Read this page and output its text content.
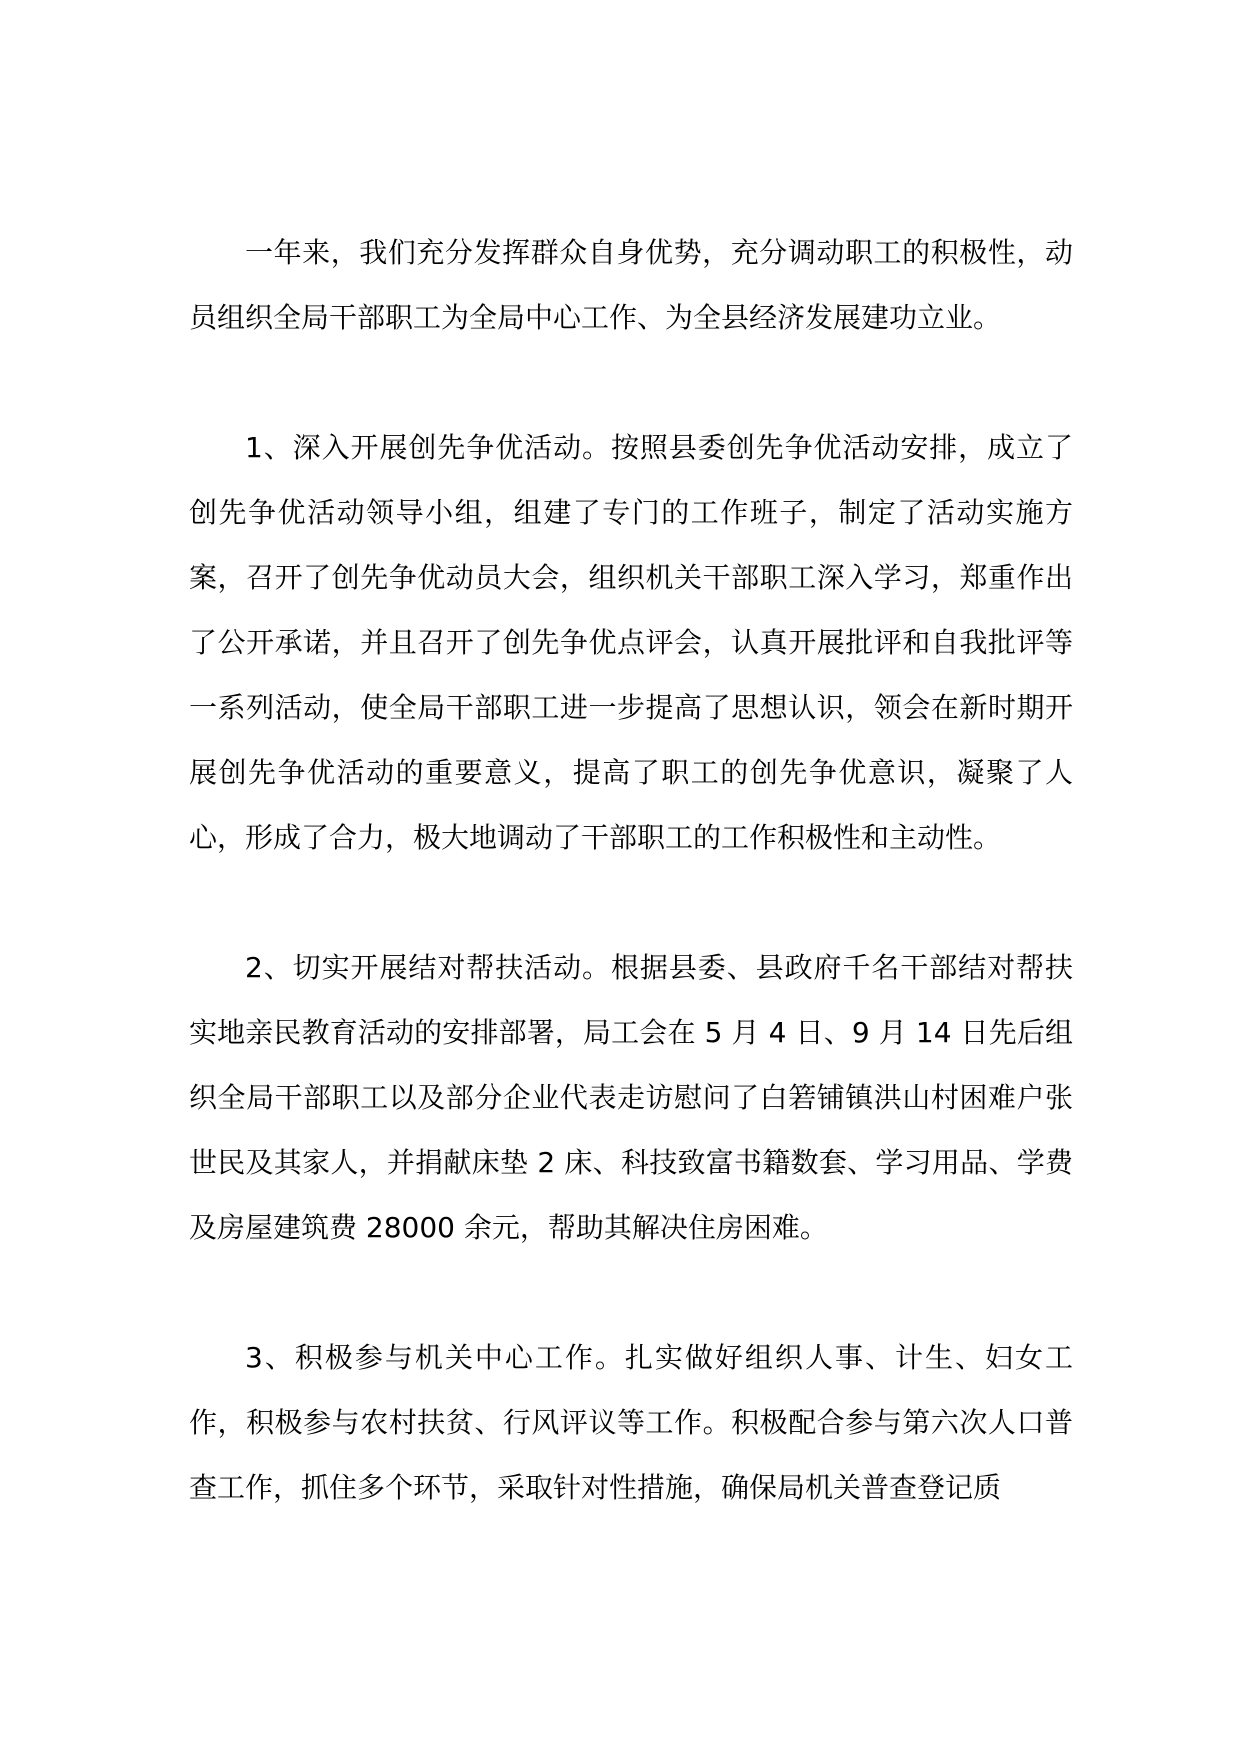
一年来，我们充分发挥群众自身优势，充分调动职工的积极性，动员组织全局干部职工为全局中心工作、为全县经济发展建功立业。

1、深入开展创先争优活动。按照县委创先争优活动安排，成立了创先争优活动领导小组，组建了专门的工作班子，制定了活动实施方案，召开了创先争优动员大会，组织机关干部职工深入学习，郑重作出了公开承诺，并且召开了创先争优点评会，认真开展批评和自我批评等一系列活动，使全局干部职工进一步提高了思想认识，领会在新时期开展创先争优活动的重要意义，提高了职工的创先争优意识，凝聚了人心，形成了合力，极大地调动了干部职工的工作积极性和主动性。

2、切实开展结对帮扶活动。根据县委、县政府千名干部结对帮扶实地亲民教育活动的安排部署，局工会在 5 月 4 日、9 月 14 日先后组织全局干部职工以及部分企业代表走访慰问了白箬铺镇洪山村困难户张世民及其家人，并捐献床垫 2 床、科技致富书籍数套、学习用品、学费及房屋建筑费 28000 余元，帮助其解决住房困难。

3、积极参与机关中心工作。扎实做好组织人事、计生、妇女工作，积极参与农村扶贫、行风评议等工作。积极配合参与第六次人口普查工作，抓住多个环节，采取针对性措施，确保局机关普查登记质
